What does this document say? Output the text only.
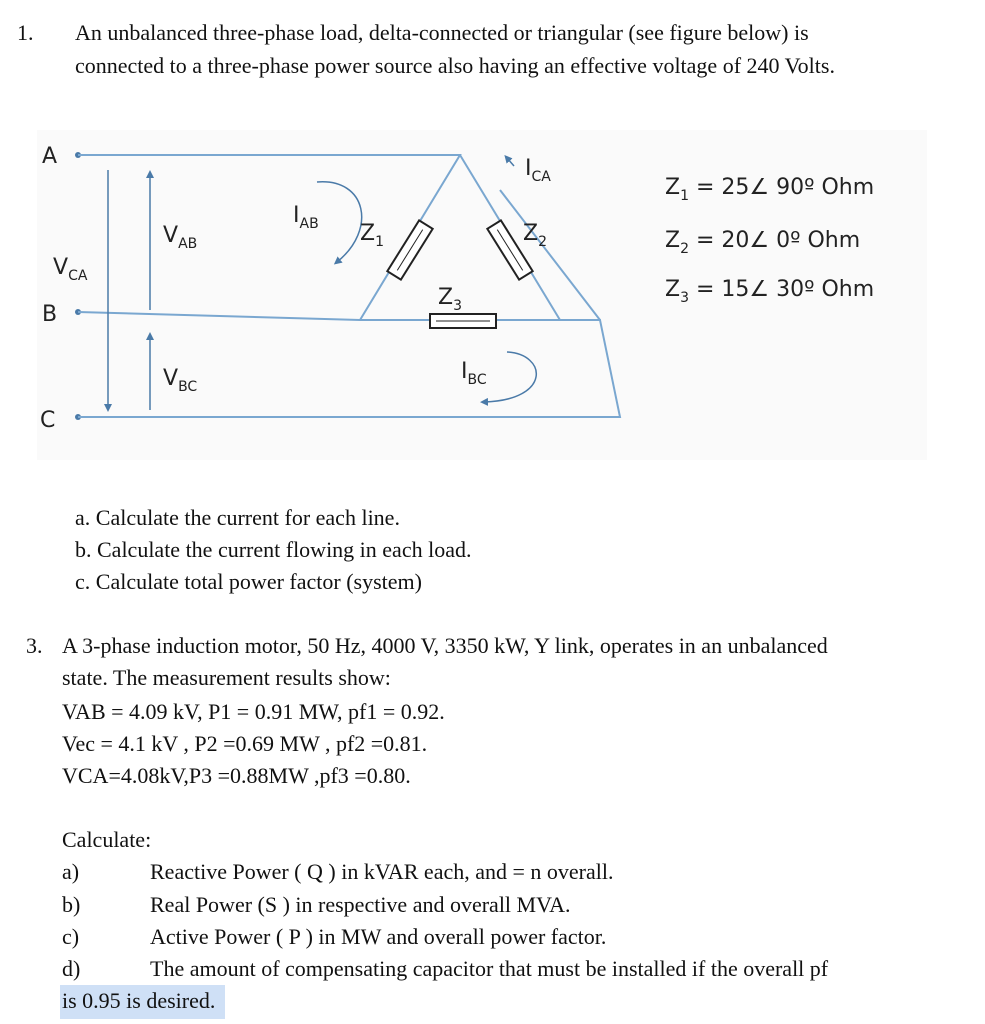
1. An unbalanced three-phase load, delta-connected or triangular (see figure below) is
connected to a three-phase power source also having an effective voltage of 240 Volts.
A
B
C
$V_{CA}$
$V_{AB}$
$V_{BC}$
$I_{AB}$
$I_{CA}$
$I_{BC}$
$Z_1$	$Z_2$
$Z_3$
$Z_1$ = 25∠ 90º Ohm
$Z_2$ = 20∠ 0º Ohm
$Z_3$ = 15∠ 30º Ohm
a. Calculate the current for each line.
b. Calculate the current flowing in each load.
c. Calculate total power factor (system)
3. A 3-phase induction motor, 50 Hz, 4000 V, 3350 kW, Y link, operates in an unbalanced
state. The measurement results show:
VAB = 4.09 kV, P1 = 0.91 MW, pf1 = 0.92.
Vec = 4.1 kV , P2 =0.69 MW , pf2 =0.81.
VCA=4.08kV,P3 =0.88MW ,pf3 =0.80.
Calculate:
a)	Reactive Power ( Q ) in kVAR each, and = n overall.
b)	Real Power (S ) in respective and overall MVA.
c)	Active Power ( P ) in MW and overall power factor.
d)	The amount of compensating capacitor that must be installed if the overall pf
is 0.95 is desired.
